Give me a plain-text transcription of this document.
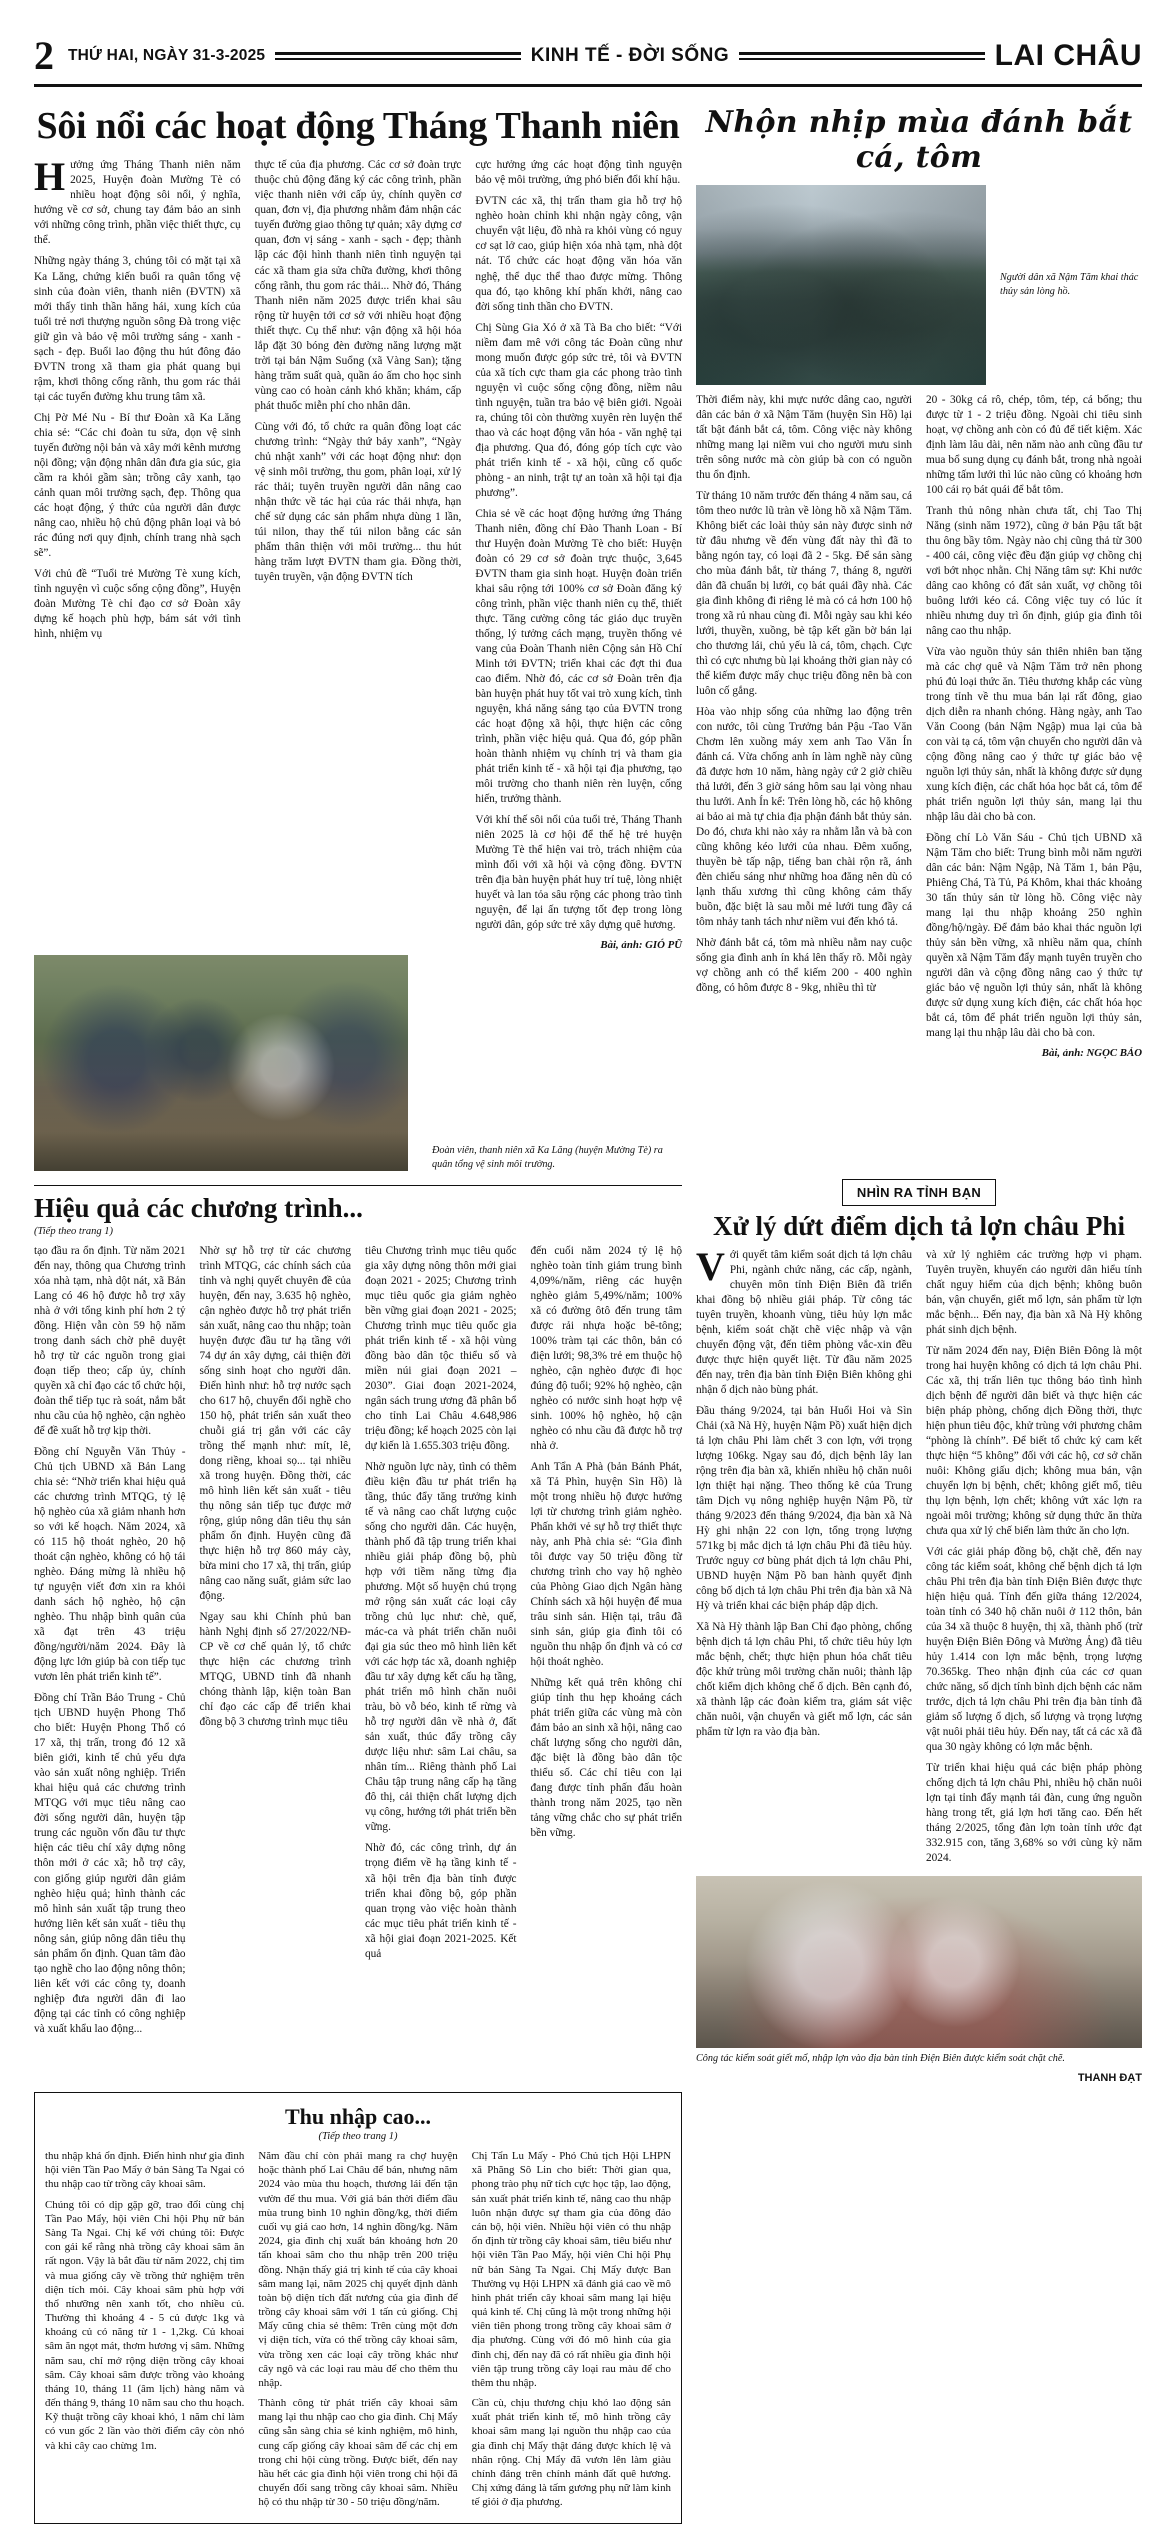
2 THỨ HAI, NGÀY 31-3-2025	KINH TẾ - ĐỜI SỐNG	LAI CHÂU
Sôi nổi các hoạt động Tháng Thanh niên

Hưởng ứng Tháng Thanh niên năm 2025, Huyện đoàn Mường Tè có nhiều hoạt động sôi nổi, ý nghĩa, hướng về cơ sở, chung tay đảm bảo an sinh với những công trình, phần việc thiết thực, cụ thể.

Những ngày tháng 3, chúng tôi có mặt tại xã Ka Lăng, chứng kiến buổi ra quân tổng vệ sinh của đoàn viên, thanh niên (ĐVTN) xã mới thấy tinh thần hăng hái, xung kích của tuổi trẻ nơi thượng nguồn sông Đà trong việc giữ gìn và bảo vệ môi trường sáng - xanh - sạch - đẹp. Buổi lao động thu hút đông đảo ĐVTN trong xã tham gia phát quang bụi rậm, khơi thông cống rãnh, thu gom rác thải tại các tuyến đường khu trung tâm xã.

Chị Pờ Mé Nu - Bí thư Đoàn xã Ka Lăng chia sẻ: “Các chi đoàn tu sửa, dọn vệ sinh tuyến đường nội bản và xây mới kênh mương nội đồng; vận động nhân dân đưa gia súc, gia cầm ra khỏi gầm sàn; trồng cây xanh, tạo cảnh quan môi trường sạch, đẹp. Thông qua các hoạt động, ý thức của người dân được nâng cao, nhiều hộ chủ động phân loại và bỏ rác đúng nơi quy định, chính trang nhà sạch sẽ”.

Với chủ đề “Tuổi trẻ Mường Tè xung kích, tình nguyện vì cuộc sống cộng đồng”, Huyện đoàn Mường Tè chỉ đạo cơ sở Đoàn xây dựng kế hoạch phù hợp, bám sát với tình hình, nhiệm vụ

thực tế của địa phương. Các cơ sở đoàn trực thuộc chủ động đăng ký các công trình, phần việc thanh niên với cấp ủy, chính quyền cơ quan, đơn vị, địa phương nhằm đảm nhận các tuyến đường giao thông tự quản; xây dựng cơ quan, đơn vị sáng - xanh - sạch - đẹp; thành lập các đội hình thanh niên tình nguyện tại các xã tham gia sửa chữa đường, khơi thông cống rãnh, thu gom rác thải... Nhờ đó, Tháng Thanh niên năm 2025 được triển khai sâu rộng từ huyện tới cơ sở với nhiều hoạt động thiết thực. Cụ thể như: vận động xã hội hóa lắp đặt 30 bóng đèn đường năng lượng mặt trời tại bản Nậm Suổng (xã Vàng San); tặng hàng trăm suất quà, quần áo ấm cho học sinh vùng cao có hoàn cảnh khó khăn; khám, cấp phát thuốc miễn phí cho nhân dân.

Cùng với đó, tổ chức ra quân đồng loạt các chương trình: “Ngày thứ bảy xanh”, “Ngày chủ nhật xanh” với các hoạt động như: dọn vệ sinh môi trường, thu gom, phân loại, xử lý rác thải; tuyên truyền người dân nâng cao nhận thức về tác hại của rác thải nhựa, hạn chế sử dụng các sản phẩm nhựa dùng 1 lần, túi nilon, thay thế túi nilon bằng các sản phẩm thân thiện với môi trường... thu hút hàng trăm lượt ĐVTN tham gia. Đồng thời, tuyên truyền, vận động ĐVTN tích

cực hưởng ứng các hoạt động tình nguyện bảo vệ môi trường, ứng phó biến đổi khí hậu.

ĐVTN các xã, thị trấn tham gia hỗ trợ hộ nghèo hoàn chỉnh khi nhận ngày công, vận chuyển vật liệu, đồ nhà ra khỏi vùng có nguy cơ sạt lở cao, giúp hiện xóa nhà tạm, nhà dột nát. Tổ chức các hoạt động văn hóa văn nghệ, thể dục thể thao được mừng. Thông qua đó, tạo không khí phấn khởi, nâng cao đời sống tinh thần cho ĐVTN.

Chị Sùng Gia Xó ở xã Tà Ba cho biết: “Với niềm đam mê với công tác Đoàn cũng như mong muốn được góp sức trẻ, tôi và ĐVTN của xã tích cực tham gia các phong trào tình nguyện vì cuộc sống cộng đồng, niềm nâu tình nguyện, tuần tra bảo vệ biên giới. Ngoài ra, chúng tôi còn thường xuyên rèn luyện thể thao và các hoạt động văn hóa - văn nghệ tại địa phương. Qua đó, đóng góp tích cực vào phát triển kinh tế - xã hội, cũng cố quốc phòng - an ninh, trật tự an toàn xã hội tại địa phương”.

Chia sẻ về các hoạt động hưởng ứng Tháng Thanh niên, đồng chí Đào Thanh Loan - Bí thư Huyện đoàn Mường Tè cho biết: Huyện đoàn có 29 cơ sở đoàn trực thuộc, 3,645 ĐVTN tham gia sinh hoạt. Huyện đoàn triển khai sâu rộng tới 100% cơ sở Đoàn đăng ký công trình, phần việc thanh niên cụ thể, thiết thực. Tăng cường công tác giáo dục truyền thống, lý tưởng cách mạng, truyền thống vẻ vang của Đoàn Thanh niên Cộng sản Hồ Chí Minh tới ĐVTN; triển khai các đợt thi đua cao điểm. Nhờ đó, các cơ sở Đoàn trên địa bàn huyện phát huy tốt vai trò xung kích, tình nguyện, khá năng sáng tạo của ĐVTN trong các hoạt động xã hội, thực hiện các công trình, phần việc hiệu quả. Qua đó, góp phần hoàn thành nhiệm vụ chính trị và tham gia phát triển kinh tế - xã hội tại địa phương, tạo môi trường cho thanh niên rèn luyện, cống hiến, trưởng thành.

Với khí thế sôi nổi của tuổi trẻ, Tháng Thanh niên 2025 là cơ hội để thế hệ trẻ huyện Mường Tè thể hiện vai trò, trách nhiệm của mình đối với xã hội và cộng đồng. ĐVTN trên địa bàn huyện phát huy trí tuệ, lòng nhiệt huyết và lan tỏa sâu rộng các phong trào tình nguyện, để lại ấn tượng tốt đẹp trong lòng người dân, góp sức trẻ xây dựng quê hương.

Bài, ảnh: GIÓ PŨ
Đoàn viên, thanh niên xã Ka Lăng (huyện Mường Tè) ra quân tổng vệ sinh môi trường.
Nhộn nhịp mùa đánh bắt cá, tôm
Người dân xã Nậm Tăm khai thác thủy sản lòng hồ.

Thời điểm này, khi mực nước dâng cao, người dân các bản ở xã Nậm Tăm (huyện Sìn Hồ) lại tất bật đánh bắt cá, tôm. Công việc này không những mang lại niềm vui cho người mưu sinh trên sông nước mà còn giúp bà con có nguồn thu ổn định.

Từ tháng 10 năm trước đến tháng 4 năm sau, cá tôm theo nước lũ tràn về lòng hồ xã Nậm Tăm. Không biết các loài thủy sản này được sinh nở từ đâu nhưng về đến vùng đất này thì đã to bằng ngón tay, có loại đã 2 - 5kg. Để sản sàng cho mùa đánh bắt, từ tháng 7, tháng 8, người dân đã chuẩn bị lưới, cọ bát quái đầy nhà. Các gia đình không đi riêng lẻ mà có cả hơn 100 hộ trong xã rủ nhau cùng đi. Mỗi ngày sau khi kéo lưới, thuyền, xuồng, bè tập kết gần bờ bán lại cho thương lái, chủ yếu là cá, tôm, chạch. Cực thì có cực nhưng bù lại khoảng thời gian này có thể kiếm được mấy chục triệu đồng nên bà con luôn cố gắng.

Hòa vào nhịp sống của những lao động trên con nước, tôi cùng Trưởng bản Pậu -Tao Văn Chơm lên xuồng máy xem anh Tao Văn Ín đánh cá. Vừa chống anh ín làm nghề này cũng đã được hơn 10 năm, hàng ngày cứ 2 giờ chiều thả lưới, đến 3 giờ sáng hôm sau lại vòng nhau thu lưới. Anh Ín kể: Trên lòng hồ, các hộ không ai bảo ai mà tự chia địa phận đánh bắt thủy sản. Do đó, chưa khi nào xảy ra nhằm lẫn và bà con cũng không kéo lưới của nhau. Đêm xuống, thuyền bè tấp nập, tiếng ban chài rộn rã, ánh đèn chiếu sáng như những hoa đăng nên dù có lạnh thấu xương thì cũng không cảm thấy buồn, đặc biệt là sau mỗi mẻ lưới tung đầy cá tôm nhảy tanh tách như niềm vui đến khó tả.

Nhờ đánh bắt cá, tôm mà nhiều nằm nay cuộc sống gia đình anh ín khá lên thấy rõ. Mỗi ngày vợ chồng anh có thể kiếm 200 - 400 nghìn đồng, có hôm được 8 - 9kg, nhiều thì từ

20 - 30kg cá rô, chép, tôm, tép, cá bống; thu được từ 1 - 2 triệu đồng. Ngoài chi tiêu sinh hoạt, vợ chồng anh còn có đủ để tiết kiệm. Xác định làm lâu dài, nên năm nào anh cũng đầu tư mua bổ sung dụng cụ đánh bắt, trong nhà ngoài những tấm lưới thì lúc nào cũng có khoảng hơn 100 cái rọ bát quái để bắt tôm.

Tranh thủ nông nhàn chưa tất, chị Tao Thị Năng (sinh năm 1972), cũng ở bản Pậu tất bật thu ông bầy tôm. Ngày nào chị cũng thả từ 300 - 400 cái, công việc đều đặn giúp vợ chồng chị vơi bớt nhọc nhằn. Chị Năng tâm sự: Khi nước dâng cao không có đất sản xuất, vợ chồng tôi buông lưới kéo cá. Công việc tuy có lúc ít nhiều nhưng duy trì ổn định, giúp gia đình tôi nâng cao thu nhập.

Vừa vào nguồn thủy sản thiên nhiên ban tặng mà các chợ quê và Nậm Tăm trở nên phong phú đủ loại thức ăn. Tiêu thương khắp các vùng trong tỉnh về thu mua bán lại rất đông, giao dịch diễn ra nhanh chóng. Hàng ngày, anh Tao Văn Coong (bản Nậm Ngập) mua lại của bà con vài tạ cá, tôm vận chuyển cho người dân và cộng đồng nâng cao ý thức tự giác bảo vệ nguồn lợi thủy sản, nhất là không được sử dụng xung kích điện, các chất hóa học bắt cá, tôm để phát triển nguồn lợi thủy sản, mang lại thu nhập lâu dài cho bà con.

Đồng chí Lò Văn Sáu - Chủ tịch UBND xã Nậm Tăm cho biết: Trung bình mỗi năm người dân các bản: Nậm Ngập, Nà Tăm 1, bản Pậu, Phiêng Chá, Tà Tủ, Pá Khôm, khai thác khoảng 30 tấn thủy sản từ lòng hồ. Công việc này mang lại thu nhập khoảng 250 nghìn đồng/hộ/ngày. Để đảm bảo khai thác nguồn lợi thủy sản bền vững, xã nhiều năm qua, chính quyền xã Nậm Tăm đẩy mạnh tuyên truyền cho người dân và cộng đồng nâng cao ý thức tự giác bảo vệ nguồn lợi thủy sản, nhất là không được sử dụng xung kích điện, các chất hóa học bắt cá, tôm để phát triển nguồn lợi thủy sản, mang lại thu nhập lâu dài cho bà con.

Bài, ảnh: NGỌC BẢO
Hiệu quả các chương trình...
(Tiếp theo trang 1)

tạo đầu ra ổn định. Từ năm 2021 đến nay, thông qua Chương trình xóa nhà tạm, nhà dột nát, xã Bản Lang có 46 hộ được hỗ trợ xây nhà ở với tổng kinh phí hơn 2 tỷ đồng. Hiện vẫn còn 59 hộ năm trong danh sách chờ phê duyệt hỗ trợ từ các nguồn trong giai đoạn tiếp theo; cấp ủy, chính quyền xã chỉ đạo các tổ chức hội, đoàn thể tiếp tục rà soát, nắm bắt nhu cầu của hộ nghèo, cận nghèo để đề xuất hỗ trợ kịp thời.

Đồng chí Nguyễn Văn Thủy - Chủ tịch UBND xã Bản Lang chia sẻ: “Nhờ triển khai hiệu quả các chương trình MTQG, tỷ lệ hộ nghèo của xã giảm nhanh hơn so với kế hoạch. Năm 2024, xã có 115 hộ thoát nghèo, 20 hộ thoát cận nghèo, không có hộ tái nghèo. Đáng mừng là nhiều hộ tự nguyện viết đơn xin ra khỏi danh sách hộ nghèo, hộ cận nghèo. Thu nhập bình quân của xã đạt trên 43 triệu đồng/người/năm 2024. Đây là động lực lớn giúp bà con tiếp tục vươn lên phát triển kinh tế”.

Đồng chí Trần Bảo Trung - Chủ tịch UBND huyện Phong Thổ cho biết: Huyện Phong Thổ có 17 xã, thị trấn, trong đó 12 xã biên giới, kinh tế chủ yếu dựa vào sản xuất nông nghiệp. Triển khai hiệu quả các chương trình MTQG với mục tiêu nâng cao đời sống người dân, huyện tập trung các nguồn vốn đầu tư thực hiện các tiêu chí xây dựng nông thôn mới ở các xã; hỗ trợ cây, con giống giúp người dân giảm nghèo hiệu quả; hình thành các mô hình sản xuất tập trung theo hướng liên kết sản xuất - tiêu thụ nông sản, giúp nông dân tiêu thụ sản phẩm ổn định. Quan tâm đào tạo nghề cho lao động nông thôn; liên kết với các công ty, doanh nghiệp đưa người dân đi lao động tại các tỉnh có công nghiệp và xuất khẩu lao động...

Nhờ sự hỗ trợ từ các chương trình MTQG, các chính sách của tỉnh và nghị quyết chuyên đề của huyện, đến nay, 3.635 hộ nghèo, cận nghèo được hỗ trợ phát triển sản xuất, nâng cao thu nhập; toàn huyện được đầu tư hạ tầng với 74 dự án xây dựng, cải thiện đời sống sinh hoạt cho người dân. Điển hình như: hỗ trợ nước sạch cho 617 hộ, chuyển đổi nghề cho 150 hộ, phát triển sản xuất theo chuỗi giá trị gắn với các cây trồng thế mạnh như: mít, lê, dong riềng, khoai sọ... tại nhiều xã trong huyện. Đồng thời, các mô hình liên kết sản xuất - tiêu thụ nông sản tiếp tục được mở rộng, giúp nông dân tiêu thụ sản phẩm ổn định. Huyện cũng đã thực hiện hỗ trợ 860 máy cày, bừa mini cho 17 xã, thị trấn, giúp nâng cao năng suất, giảm sức lao động.

Ngay sau khi Chính phủ ban hành Nghị định số 27/2022/NĐ-CP về cơ chế quản lý, tổ chức thực hiện các chương trình MTQG, UBND tỉnh đã nhanh chóng thành lập, kiện toàn Ban chỉ đạo các cấp để triển khai đồng bộ 3 chương trình mục tiêu

tiêu Chương trình mục tiêu quốc gia xây dựng nông thôn mới giai đoạn 2021 - 2025; Chương trình mục tiêu quốc gia giảm nghèo bền vững giai đoạn 2021 - 2025; Chương trình mục tiêu quốc gia phát triển kinh tế - xã hội vùng đồng bào dân tộc thiểu số và miền núi giai đoạn 2021 – 2030”. Giai đoạn 2021-2024, ngân sách trung ương đã phân bổ cho tỉnh Lai Châu 4.648,986 triệu đồng; kể hoạch 2025 còn lại dự kiến là 1.655.303 triệu đồng.

Nhờ nguồn lực này, tình có thêm điều kiện đầu tư phát triển hạ tầng, thúc đẩy tăng trưởng kinh tế và nâng cao chất lượng cuộc sống cho người dân. Các huyện, thành phố đã tập trung triển khai nhiều giải pháp đồng bộ, phù hợp với tiềm năng từng địa phương. Một số huyện chú trọng mở rộng sản xuất các loại cây trồng chủ lục như: chè, quế, mác-ca và phát triển chăn nuôi đại gia súc theo mô hình liên kết với các hợp tác xã, doanh nghiệp đầu tư xây dựng kết cấu hạ tầng, phát triển mô hình chăn nuôi tràu, bò vỗ béo, kinh tế rừng và hỗ trợ người dân về nhà ở, đất sản xuất, thúc đẩy trồng cây dược liệu như: sâm Lai châu, sa nhân tím... Riêng thành phố Lai Châu tập trung nâng cấp hạ tầng đô thị, cải thiện chất lượng dịch vụ công, hướng tới phát triển bền vững.

Nhờ đó, các công trình, dự án trọng điểm về hạ tầng kinh tế - xã hội trên địa bàn tỉnh được triển khai đồng bộ, góp phần quan trọng vào việc hoàn thành các mục tiêu phát triển kinh tế - xã hội giai đoạn 2021-2025. Kết quả

đến cuối năm 2024 tỷ lệ hộ nghèo toàn tỉnh giảm trung bình 4,09%/năm, riêng các huyện nghèo giảm 5,49%/năm; 100% xã có đường ôtô đến trung tâm được rải nhựa hoặc bê-tông; 100% tràm tại các thôn, bản có điện lưới; 98,3% trẻ em thuộc hộ nghèo, cận nghèo được đi học đúng độ tuổi; 92% hộ nghèo, cận nghèo có nước sinh hoạt hợp vệ sinh. 100% hộ nghèo, hộ cận nghèo có nhu cầu đã được hỗ trợ nhà ở.

Anh Tẩn A Phà (bản Bánh Phát, xã Tả Phìn, huyện Sìn Hồ) là một trong nhiều hộ được hưởng lợi từ chương trình giảm nghèo. Phấn khởi vẻ sự hỗ trợ thiết thực này, anh Phà chia sẻ: “Gia đình tôi được vay 50 triệu đồng từ chương trình cho vay hộ nghèo của Phòng Giao dịch Ngân hàng Chính sách xã hội huyện để mua trâu sinh sản. Hiện tại, trâu đã sinh sản, giúp gia đình tôi có nguồn thu nhập ổn định và có cơ hội thoát nghèo.

Những kết quả trên không chỉ giúp tỉnh thu hẹp khoảng cách phát triển giữa các vùng mà còn đảm bảo an sinh xã hội, nâng cao chất lượng sống cho người dân, đặc biệt là đồng bào dân tộc thiểu số. Các chỉ tiêu con lại đang được tỉnh phấn đấu hoàn thành trong năm 2025, tạo nền tảng vững chắc cho sự phát triển bền vững.

NHÌN RA TỈNH BẠN
Xử lý dứt điểm dịch tả lợn châu Phi

Với quyết tâm kiểm soát dịch tả lợn châu Phi, ngành chức năng, các cấp, ngành, chuyên môn tỉnh Điện Biên đã triển khai đồng bộ nhiều giải pháp. Từ công tác tuyên truyền, khoanh vùng, tiêu hủy lợn mắc bệnh, kiểm soát chặt chẽ việc nhập và vận chuyển động vật, đến tiêm phòng vắc-xin đều được thực hiện quyết liệt. Từ đầu năm 2025 đến nay, trên địa bàn tỉnh Điện Biên không ghi nhận ổ dịch nào bùng phát.

Đầu tháng 9/2024, tại bản Huổi Hoi và Sìn Chải (xã Nà Hỳ, huyện Nậm Pồ) xuất hiện dịch tả lợn châu Phi làm chết 3 con lợn, với trọng lượng 106kg. Ngay sau đó, dịch bệnh lây lan rộng trên địa bàn xã, khiến nhiều hộ chăn nuôi lợn thiệt hại nặng. Theo thống kê của Trung tâm Dịch vụ nông nghiệp huyện Nậm Pồ, từ tháng 9/2023 đến tháng 9/2024, địa bàn xã Nà Hỳ ghi nhận 22 con lợn, tổng trọng lượng 571kg bị mắc dịch tả lợn châu Phi đã tiêu hủy. Trước nguy cơ bùng phát dịch tả lợn châu Phi, UBND huyện Nậm Pồ ban hành quyết định công bố dịch tả lợn châu Phi trên địa bàn xã Nà Hỳ và triển khai các biện pháp dập dịch.

Xã Nà Hỳ thành lập Ban Chỉ đạo phòng, chống bệnh dịch tả lợn châu Phi, tổ chức tiêu hủy lợn mắc bệnh, chết; thực hiện phun hóa chất tiêu độc khử trùng môi trường chăn nuôi; thành lập chốt kiểm dịch không chế ổ dịch. Bên cạnh đó, xã thành lập các đoàn kiểm tra, giám sát việc chăn nuôi, vận chuyển và giết mổ lợn, các sản phẩm từ lợn ra vào địa bàn.

và xử lý nghiêm các trường hợp vi phạm. Tuyên truyền, khuyến cáo người dân hiểu tính chất nguy hiểm của dịch bệnh; không buôn bán, vận chuyển, giết mổ lợn, sản phẩm từ lợn mắc bệnh... Đến nay, địa bàn xã Nà Hỳ không phát sinh dịch bệnh.

Từ năm 2024 đến nay, Điện Biên Đông là một trong hai huyện không có dịch tả lợn châu Phi. Các xã, thị trấn liên tục thông báo tình hình dịch bệnh để người dân biết và thực hiện các biện pháp phòng, chống dịch Đồng thời, thực hiện phun tiêu độc, khử trùng với phương châm “phòng là chính”. Để biết tổ chức ký cam kết thực hiện “5 không” đối với các hộ, cơ sở chăn nuôi: Không giấu dịch; không mua bán, vận chuyển lợn bị bệnh, chết; không giết mổ, tiêu thụ lợn bệnh, lợn chết; không vứt xác lợn ra ngoài môi trường; không sử dụng thức ăn thừa chưa qua xử lý chế biến làm thức ăn cho lợn.

Với các giải pháp đồng bộ, chặt chẽ, đến nay công tác kiểm soát, không chế bệnh dịch tả lợn châu Phi trên địa bàn tỉnh Điện Biên được thực hiện hiệu quả. Tính đến giữa tháng 12/2024, toàn tỉnh có 340 hộ chăn nuôi ở 112 thôn, bản của 34 xã thuộc 8 huyện, thị xã, thành phố (trừ huyện Điện Biên Đông và Mường Ảng) đã tiêu hủy 1.414 con lợn mắc bệnh, trọng lượng 70.365kg. Theo nhận định của các cơ quan chức năng, số dịch tính bình dịch bệnh các năm trước, dịch tả lợn châu Phi trên địa bàn tỉnh đã giảm số lượng ổ dịch, số lượng và trọng lượng vật nuôi phải tiêu hủy. Đến nay, tất cả các xã đã qua 30 ngày không có lợn mắc bệnh.

Từ triển khai hiệu quả các biện pháp phòng chống dịch tả lợn châu Phi, nhiều hộ chăn nuôi lợn tại tỉnh đẩy mạnh tái đàn, cung ứng nguồn hàng trong tết, giá lợn hơi tăng cao. Đến hết tháng 2/2025, tổng đàn lợn toàn tỉnh ước đạt 332.915 con, tăng 3,68% so với cùng kỳ năm 2024.

Công tác kiểm soát giết mổ, nhập lợn vào địa bàn tỉnh Điện Biên được kiểm soát chặt chẽ.
THANH ĐẠT
Thu nhập cao...
(Tiếp theo trang 1)

thu nhập khá ổn định. Điển hình như gia đình hội viên Tần Pao Mẩy ở bản Sàng Ta Ngai có thu nhập cao từ trồng cây khoai sâm.

Chúng tôi có dịp gặp gỡ, trao đổi cùng chị Tần Pao Mẩy, hội viên Chi hội Phụ nữ bản Sàng Ta Ngai. Chị kể với chúng tôi: Được con gái kể rằng nhà trồng cây khoai sâm ăn rất ngon. Vậy là bắt đầu từ năm 2022, chị tìm và mua giống cây về trồng thử nghiệm trên diện tích mỏi. Cây khoai sâm phù hợp với thổ nhưỡng nên xanh tốt, cho nhiều củ. Thường thì khoảng 4 - 5 củ được 1kg và khoảng củ có năng từ 1 - 1,2kg. Củ khoai sâm ăn ngọt mát, thơm hương vị sâm. Những năm sau, chỉ mở rộng diện trồng cây khoai sâm. Cây khoai sâm được trồng vào khoảng tháng 10, tháng 11 (âm lịch) hàng năm và đến tháng 9, tháng 10 năm sau cho thu hoạch. Kỹ thuật trồng cây khoai khó, 1 năm chỉ làm có vun gốc 2 lần vào thời điểm cây còn nhỏ và khi cây cao chừng 1m.

Năm đầu chỉ còn phải mang ra chợ huyện hoặc thành phố Lai Châu để bán, nhưng năm 2024 vào mùa thu hoạch, thương lái đến tận vườn để thu mua. Với giá bán thời điểm đầu mùa trung bình 10 nghìn đồng/kg, thời điểm cuối vụ giá cao hơn, 14 nghìn đồng/kg. Năm 2024, gia đình chị xuất bán khoảng hơn 20 tấn khoai sâm cho thu nhập trên 200 triệu đồng. Nhận thấy giá trị kinh tế của cây khoai sâm mang lại, năm 2025 chị quyết định dành toàn bộ diện tích đất nương của gia đình để trồng cây khoai sâm với 1 tấn củ giống. Chị Mẩy cũng chia sẻ thêm: Trên cùng một đơn vị diện tích, vừa có thể trồng cây khoai sâm, vừa trồng xen các loại cây trồng khác như cây ngô và các loại rau màu để cho thêm thu nhập.

Thành công từ phát triển cây khoai sâm mang lại thu nhập cao cho gia đình. Chị Mẩy cũng sẵn sàng chia sẻ kinh nghiệm, mô hình, cung cấp giống cây khoai sâm để các chị em trong chi hội cùng trồng. Được biết, đến nay hầu hết các gia đình hội viên trong chi hội đã chuyển đổi sang trồng cây khoai sâm. Nhiều hộ có thu nhập từ 30 - 50 triệu đồng/năm.

Chị Tẩn Lu Mấy - Phó Chủ tịch Hội LHPN xã Phăng Sô Lin cho biết: Thời gian qua, phong trào phụ nữ tích cực học tập, lao động, sản xuất phát triển kinh tế, nâng cao thu nhập luôn nhận được sự tham gia của đông đảo cán bộ, hội viên. Nhiều hội viên có thu nhập ổn định từ trồng cây khoai sâm, tiêu biểu như hội viên Tần Pao Mẩy, hội viên Chi hội Phụ nữ bản Sàng Ta Ngai. Chị Mẩy được Ban Thường vụ Hội LHPN xã đánh giá cao về mô hình phát triển cây khoai sâm mang lại hiệu quả kinh tế. Chị cũng là một trong những hội viên tiên phong trong trồng cây khoai sâm ở địa phương. Cùng với đó mô hình của gia đình chị, đến nay đã có rất nhiều gia đình hội viên tập trung trồng cây loại rau màu để cho thêm thu nhập.

Cần cù, chịu thương chịu khó lao động sản xuất phát triển kinh tế, mô hình trồng cây khoai sâm mang lại nguồn thu nhập cao của gia đình chị Mẩy thật đáng được khích lệ và nhân rộng. Chị Mẩy đã vươn lên làm giàu chính đáng trên chính mảnh đất quê hương. Chị xứng đáng là tấm gương phụ nữ làm kinh tế giỏi ở địa phương.
